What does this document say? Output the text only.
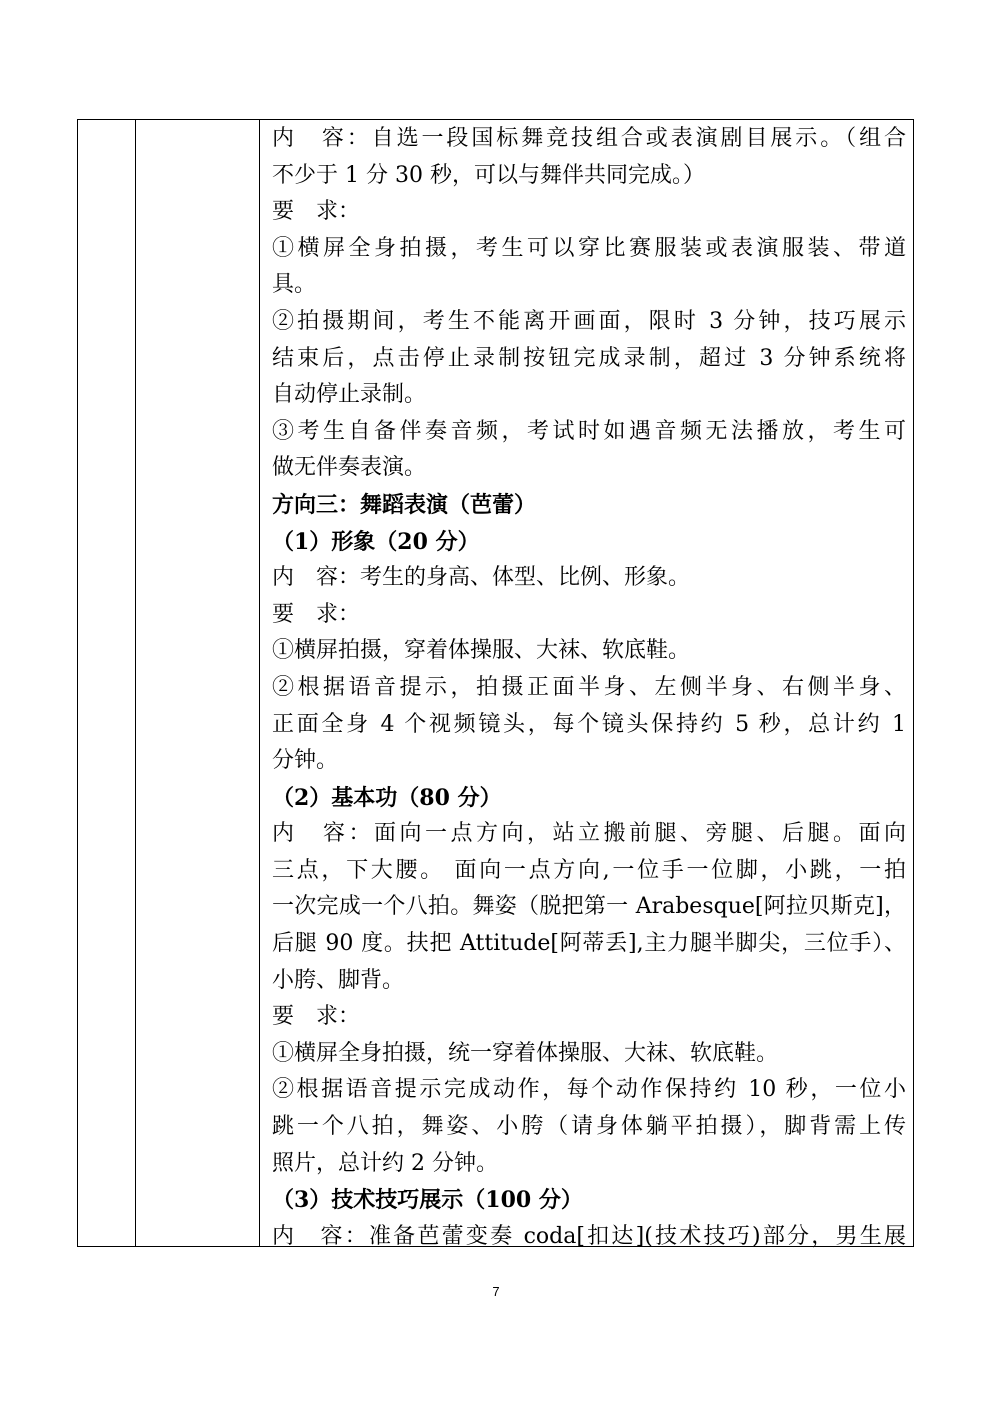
内　容：自选一段国标舞竞技组合或表演剧目展示。（组合
不少于 1 分 30 秒，可以与舞伴共同完成。）
要　求：
①横屏全身拍摄，考生可以穿比赛服装或表演服装、带道
具。
②拍摄期间，考生不能离开画面，限时 3 分钟，技巧展示
结束后，点击停止录制按钮完成录制，超过 3 分钟系统将
自动停止录制。
③考生自备伴奏音频，考试时如遇音频无法播放，考生可
做无伴奏表演。
方向三：舞蹈表演（芭蕾）
（1）形象（20 分）
内　容：考生的身高、体型、比例、形象。
要　求：
①横屏拍摄，穿着体操服、大袜、软底鞋。
②根据语音提示，拍摄正面半身、左侧半身、右侧半身、
正面全身 4 个视频镜头，每个镜头保持约 5 秒，总计约 1
分钟。
（2）基本功（80 分）
内　容：面向一点方向，站立搬前腿、旁腿、后腿。面向
三点，下大腰。 面向一点方向,一位手一位脚，小跳，一拍
一次完成一个八拍。舞姿（脱把第一 Arabesque[阿拉贝斯克]，
后腿 90 度。扶把 Attitude[阿蒂丢],主力腿半脚尖，三位手）、
小胯、脚背。
要　求：
①横屏全身拍摄，统一穿着体操服、大袜、软底鞋。
②根据语音提示完成动作，每个动作保持约 10 秒，一位小
跳一个八拍，舞姿、小胯（请身体躺平拍摄），脚背需上传
照片，总计约 2 分钟。
（3）技术技巧展示（100 分）
内　容：准备芭蕾变奏 coda[扣达](技术技巧)部分，男生展
7
